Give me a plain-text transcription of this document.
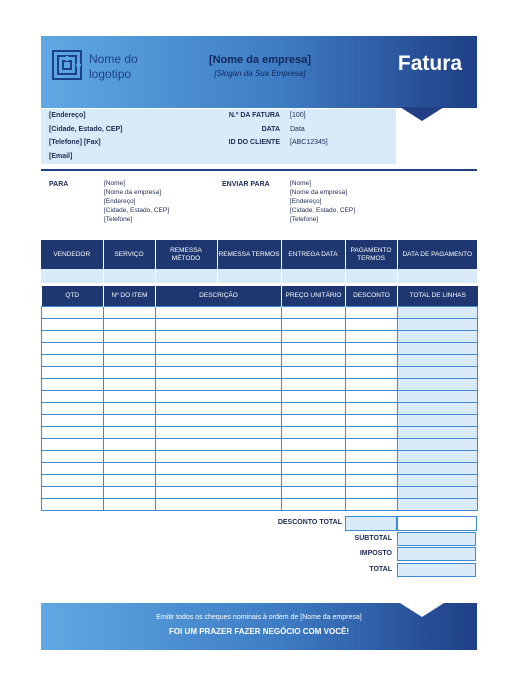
Nome do logotipo
[Nome da empresa]
[Slogan da Sua Empresa]	Fatura
[Endereço]
[Cidade, Estado, CEP]
[Telefone] [Fax]
[Email]
N.º DA FATURA [100]
DATA Data
ID DO CLIENTE [ABC12345]
PARA	[Nome]
[Nome da empresa]
[Endereço]
[Cidade, Estado, CEP]
[Telefone]
ENVIAR PARA	[Nome]
[Nome da empresa]
[Endereço]
[Cidade, Estado, CEP]
[Telefone]
VENDEDOR	SERVIÇO	REMESSA MÉTODO	REMESSA TERMOS	ENTREGA DATA	PAGAMENTO TERMOS	DATA DE PAGAMENTO

QTD	Nº DO ITEM	DESCRIÇÃO	PREÇO UNITÁRIO	DESCONTO	TOTAL DE LINHAS

DESCONTO TOTAL
SUBTOTAL
IMPOSTO
TOTAL
Emitir todos os cheques nominais à ordem de [Nome da empresa]
FOI UM PRAZER FAZER NEGÓCIO COM VOCÊ!
